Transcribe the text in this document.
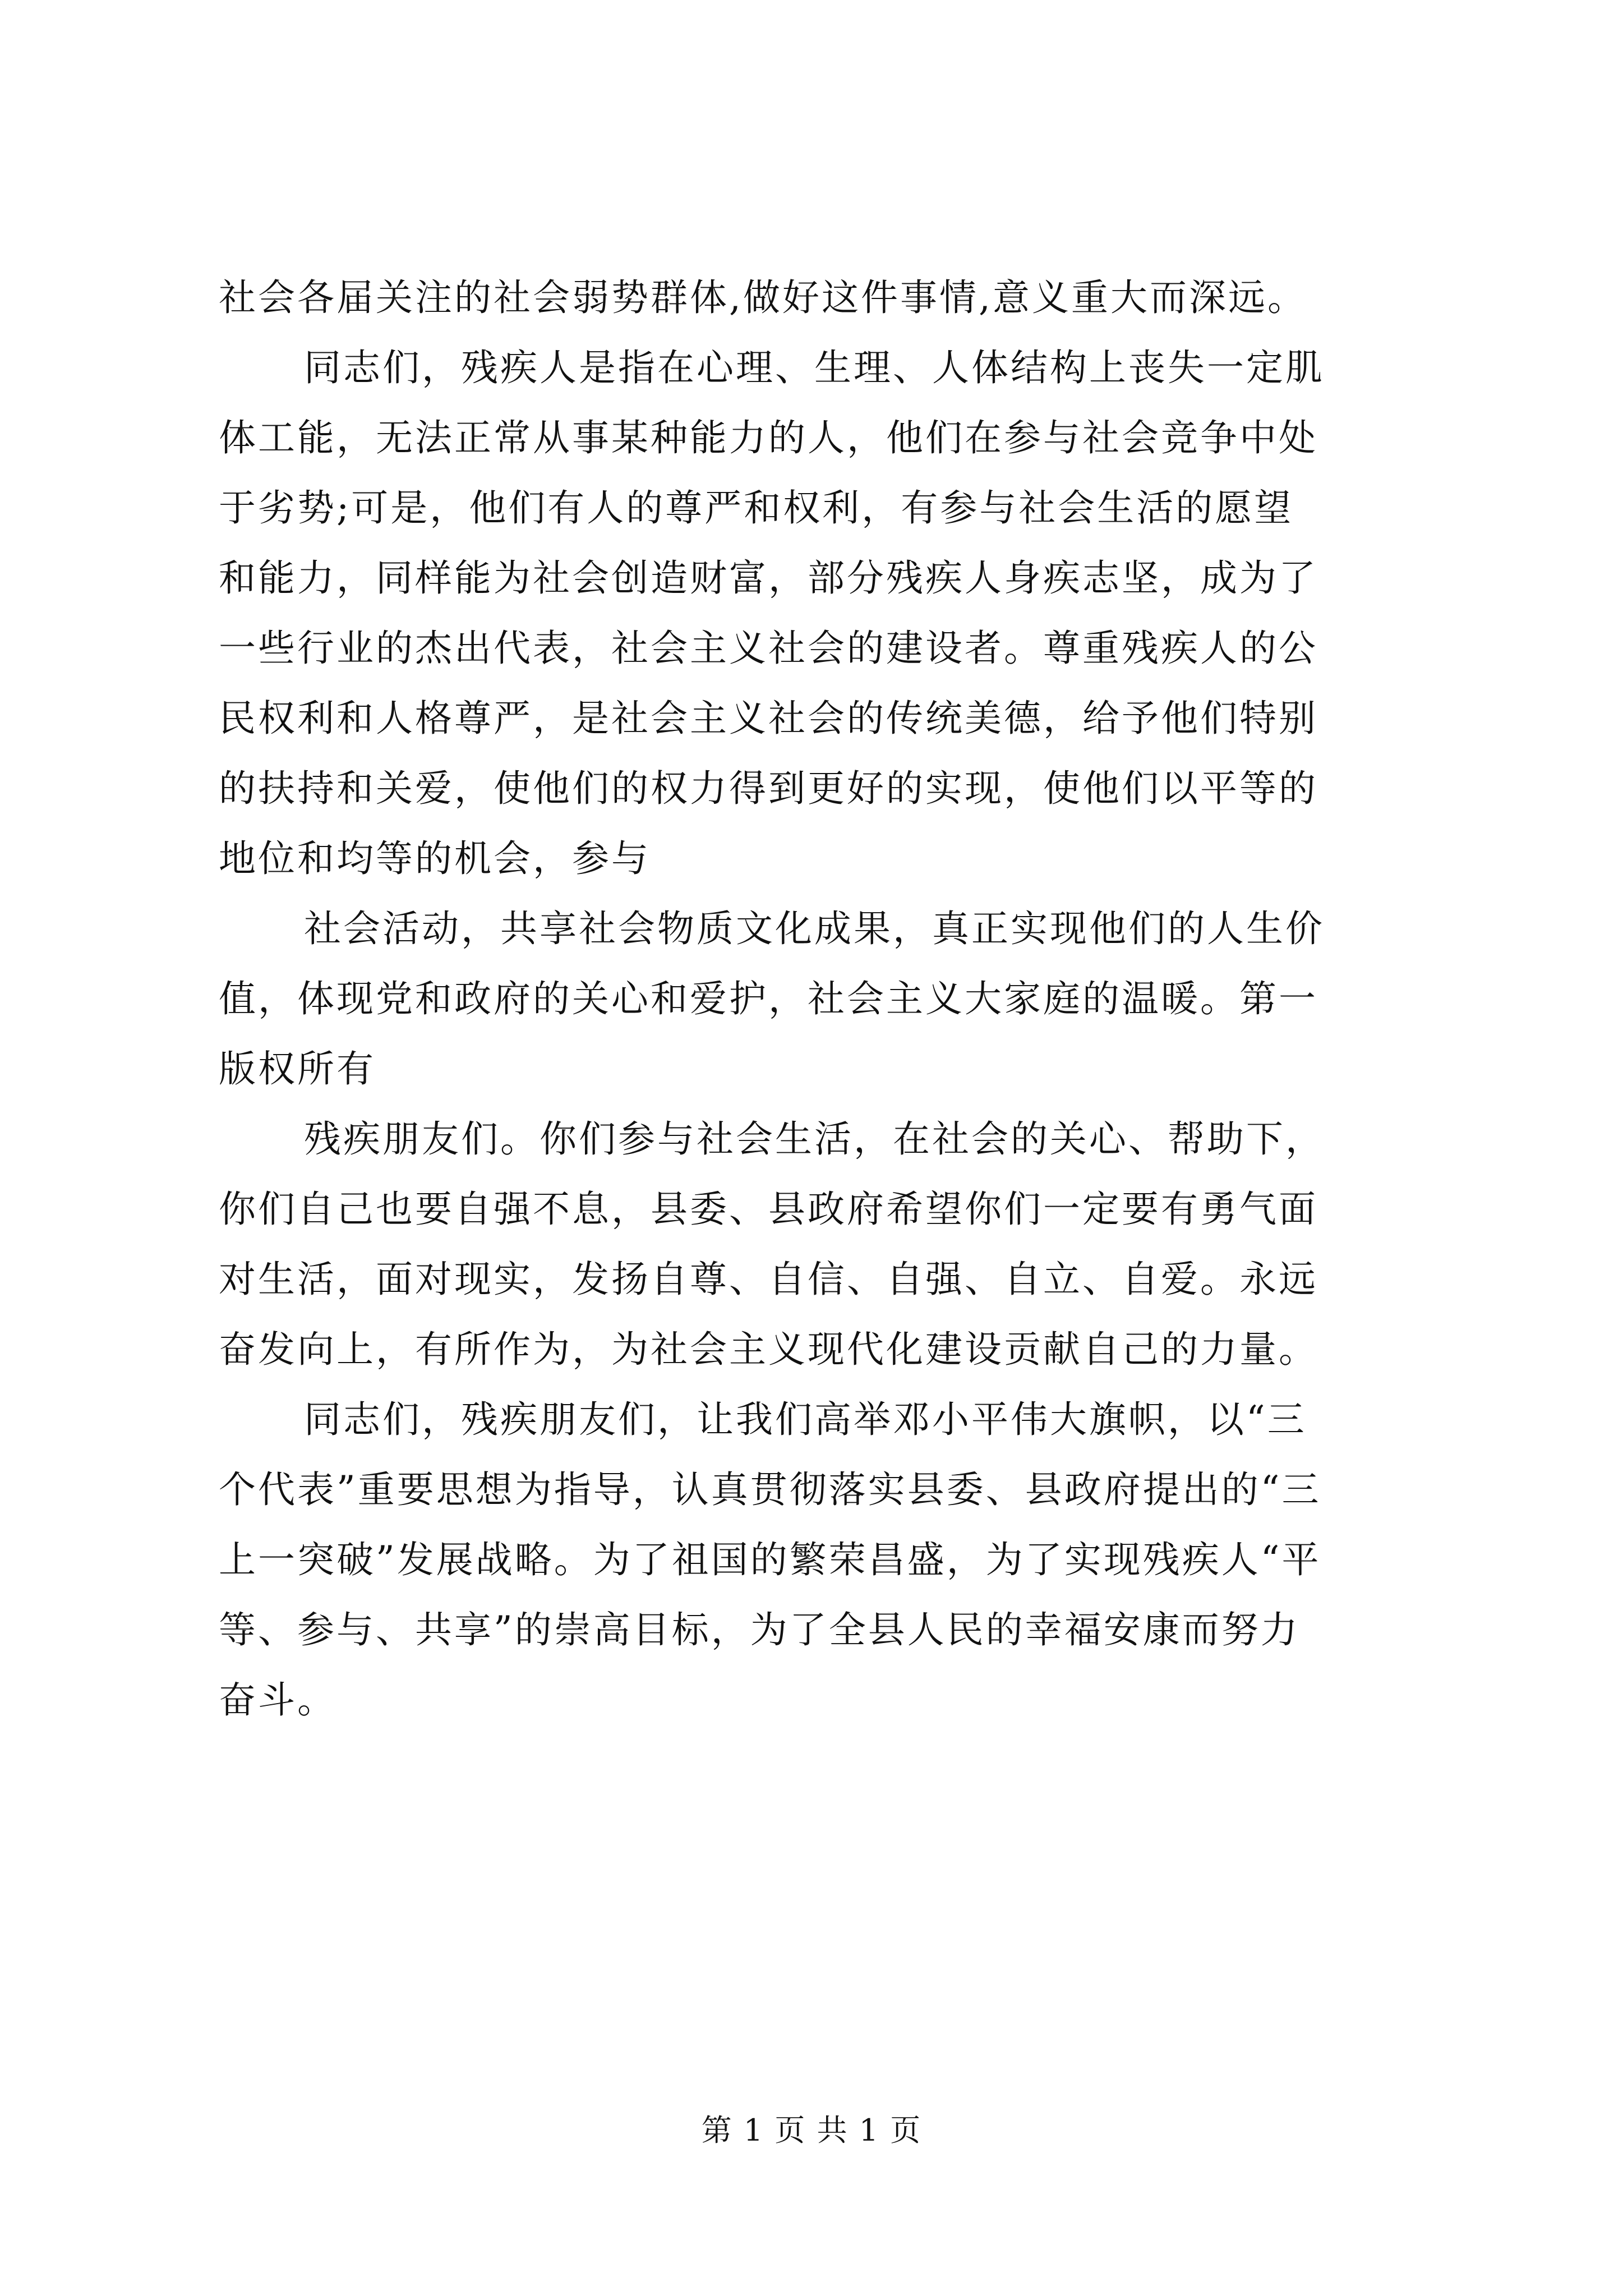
社会各届关注的社会弱势群体,做好这件事情,意义重大而深远。
同志们，残疾人是指在心理、生理、人体结构上丧失一定肌
体工能，无法正常从事某种能力的人，他们在参与社会竞争中处
于劣势;可是，他们有人的尊严和权利，有参与社会生活的愿望
和能力，同样能为社会创造财富，部分残疾人身疾志坚，成为了
一些行业的杰出代表，社会主义社会的建设者。尊重残疾人的公
民权利和人格尊严，是社会主义社会的传统美德，给予他们特别
的扶持和关爱，使他们的权力得到更好的实现，使他们以平等的
地位和均等的机会，参与
社会活动，共享社会物质文化成果，真正实现他们的人生价
值，体现党和政府的关心和爱护，社会主义大家庭的温暖。第一
版权所有
残疾朋友们。你们参与社会生活，在社会的关心、帮助下，
你们自己也要自强不息，县委、县政府希望你们一定要有勇气面
对生活，面对现实，发扬自尊、自信、自强、自立、自爱。永远
奋发向上，有所作为，为社会主义现代化建设贡献自己的力量。
同志们，残疾朋友们，让我们高举邓小平伟大旗帜，以“三
个代表”重要思想为指导，认真贯彻落实县委、县政府提出的“三
上一突破”发展战略。为了祖国的繁荣昌盛，为了实现残疾人“平
等、参与、共享”的崇高目标，为了全县人民的幸福安康而努力
奋斗。
第 1 页 共 1 页
